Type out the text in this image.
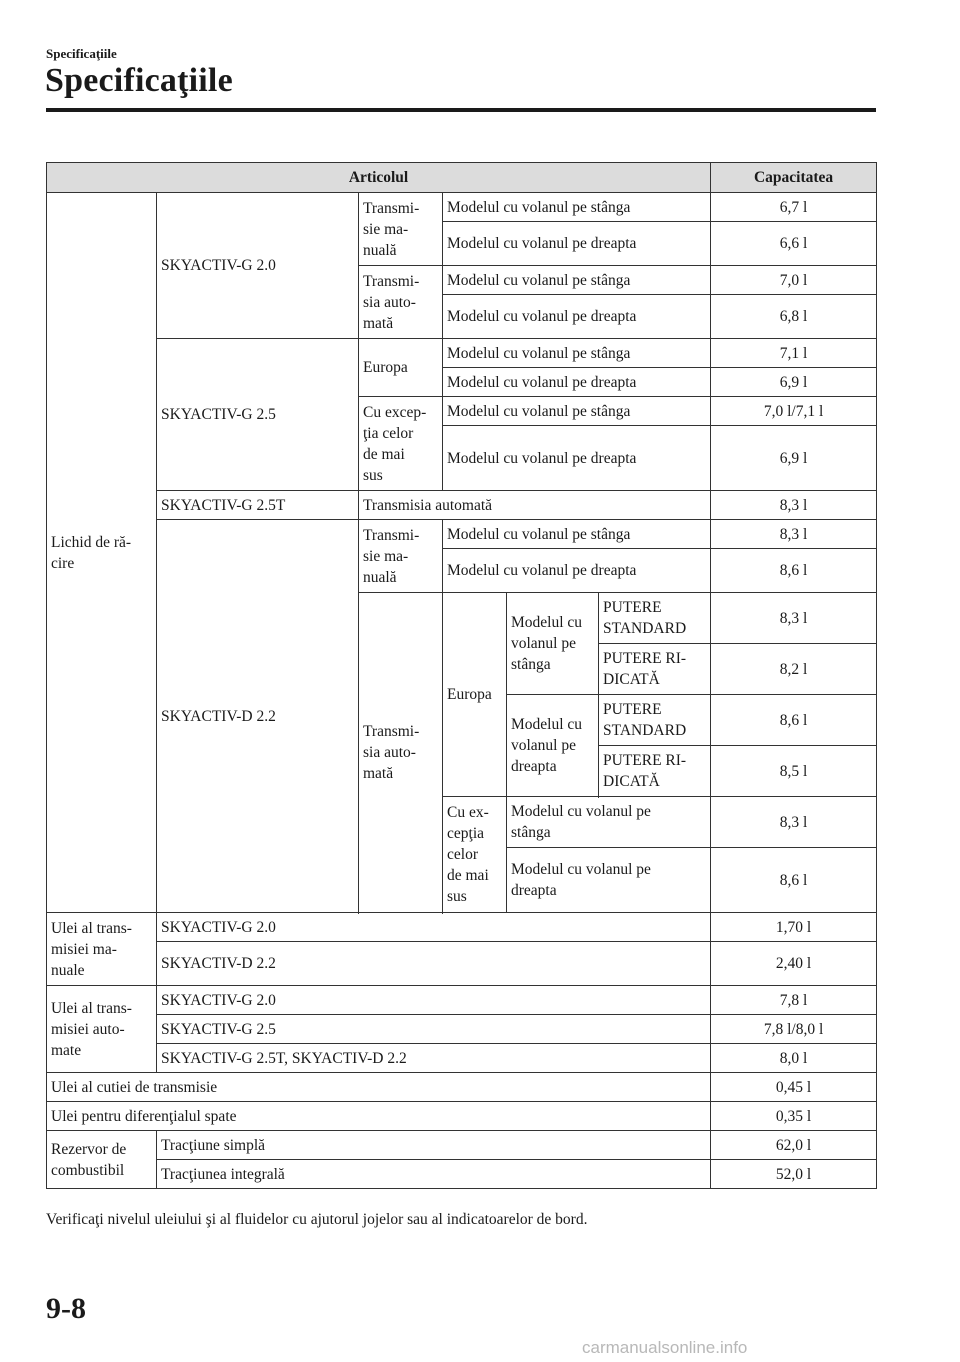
Specificaţiile
Specificaţiile
Articolul						Capacitatea
Lichid de ră-
cire	SKYACTIV-G 2.0	Transmi-
sie ma-
nuală	Modelul cu volanul pe stânga			6,7 l
			Modelul cu volanul pe dreapta			6,6 l
		Transmi-
sia auto-
mată	Modelul cu volanul pe stânga			7,0 l
			Modelul cu volanul pe dreapta			6,8 l
	SKYACTIV-G 2.5	Europa	Modelul cu volanul pe stânga			7,1 l
			Modelul cu volanul pe dreapta			6,9 l
		Cu excep-
ţia celor
de mai
sus	Modelul cu volanul pe stânga			7,0 l/7,1 l
			Modelul cu volanul pe dreapta			6,9 l
	SKYACTIV-G 2.5T	Transmisia automată				8,3 l
	SKYACTIV-D 2.2	Transmi-
sie ma-
nuală	Modelul cu volanul pe stânga			8,3 l
			Modelul cu volanul pe dreapta			8,6 l
		Transmi-
sia auto-
mată	Europa	Modelul cu
volanul pe
stânga	PUTERE
STANDARD	8,3 l
					PUTERE RI-
DICATĂ	8,2 l

				Modelul cu
volanul pe
dreapta	PUTERE
STANDARD	8,6 l
					PUTERE RI-
DICATĂ	8,5 l

			Cu ex-
cepţia
celor
de mai
sus	Modelul cu volanul pe
stânga		8,3 l

				Modelul cu volanul pe
dreapta		8,6 l

Ulei al trans-
misiei ma-
nuale	SKYACTIV-G 2.0					1,70 l
	SKYACTIV-D 2.2					2,40 l
Ulei al trans-
misiei auto-
mate	SKYACTIV-G 2.0					7,8 l
	SKYACTIV-G 2.5					7,8 l/8,0 l
	SKYACTIV-G 2.5T, SKYACTIV-D 2.2					8,0 l
Ulei al cutiei de transmisie						0,45 l
Ulei pentru diferenţialul spate						0,35 l
Rezervor de
combustibil	Tracţiune simplă					62,0 l
	Tracţiunea integrală					52,0 l
Verificaţi nivelul uleiului şi al fluidelor cu ajutorul jojelor sau al indicatoarelor de bord.
9-8
carmanualsonline.info
